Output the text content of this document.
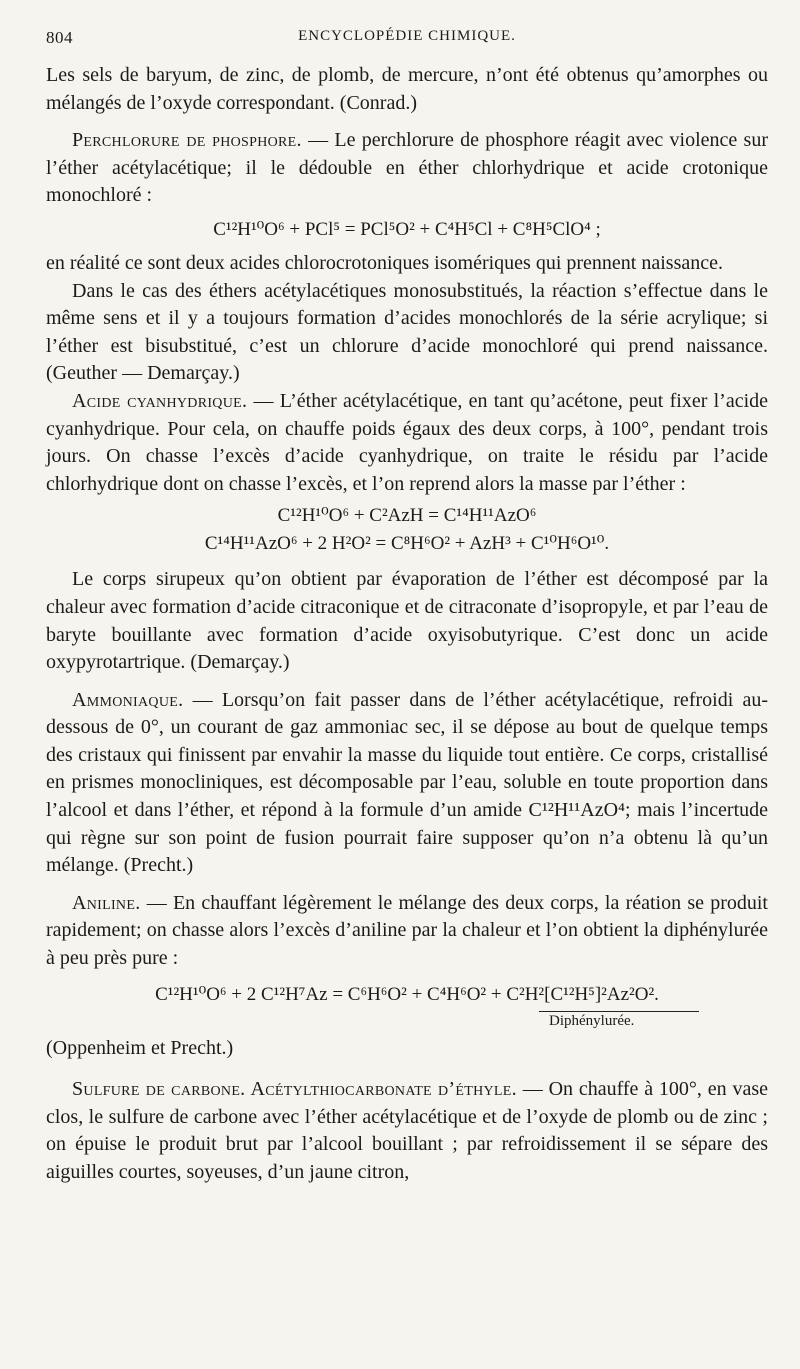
804	ENCYCLOPÉDIE CHIMIQUE.

Les sels de baryum, de zinc, de plomb, de mercure, n’ont été obtenus qu’amorphes ou mélangés de l’oxyde correspondant. (Conrad.)

Perchlorure de phosphore. — Le perchlorure de phosphore réagit avec violence sur l’éther acétylacétique; il le dédouble en éther chlorhydrique et acide crotonique monochloré :

C¹²H¹⁰O⁶ + PCl⁵ = PCl⁵O² + C⁴H⁵Cl + C⁸H⁵ClO⁴ ;

en réalité ce sont deux acides chlorocrotoniques isomériques qui prennent naissance.

Dans le cas des éthers acétylacétiques monosubstitués, la réaction s’effectue dans le même sens et il y a toujours formation d’acides monochlorés de la série acrylique; si l’éther est bisubstitué, c’est un chlorure d’acide monochloré qui prend naissance. (Geuther — Demarçay.)

Acide cyanhydrique. — L’éther acétylacétique, en tant qu’acétone, peut fixer l’acide cyanhydrique. Pour cela, on chauffe poids égaux des deux corps, à 100°, pendant trois jours. On chasse l’excès d’acide cyanhydrique, on traite le résidu par l’acide chlorhydrique dont on chasse l’excès, et l’on reprend alors la masse par l’éther :

C¹²H¹⁰O⁶ + C²AzH = C¹⁴H¹¹AzO⁶
C¹⁴H¹¹AzO⁶ + 2 H²O² = C⁸H⁶O² + AzH³ + C¹⁰H⁶O¹⁰.

Le corps sirupeux qu’on obtient par évaporation de l’éther est décomposé par la chaleur avec formation d’acide citraconique et de citraconate d’isopropyle, et par l’eau de baryte bouillante avec formation d’acide oxyisobutyrique. C’est donc un acide oxypyrotartrique. (Demarçay.)

Ammoniaque. — Lorsqu’on fait passer dans de l’éther acétylacétique, refroidi au-dessous de 0°, un courant de gaz ammoniac sec, il se dépose au bout de quelque temps des cristaux qui finissent par envahir la masse du liquide tout entière. Ce corps, cristallisé en prismes monocliniques, est décomposable par l’eau, soluble en toute proportion dans l’alcool et dans l’éther, et répond à la formule d’un amide C¹²H¹¹AzO⁴; mais l’incertude qui règne sur son point de fusion pourrait faire supposer qu’on n’a obtenu là qu’un mélange. (Precht.)

Aniline. — En chauffant légèrement le mélange des deux corps, la réation se produit rapidement; on chasse alors l’excès d’aniline par la chaleur et l’on obtient la diphénylurée à peu près pure :

C¹²H¹⁰O⁶ + 2 C¹²H⁷Az = C⁶H⁶O² + C⁴H⁶O² + C²H²[C¹²H⁵]²Az²O².
Diphénylurée.

(Oppenheim et Precht.)

Sulfure de carbone. Acétylthiocarbonate d’éthyle. — On chauffe à 100°, en vase clos, le sulfure de carbone avec l’éther acétylacétique et de l’oxyde de plomb ou de zinc ; on épuise le produit brut par l’alcool bouillant ; par refroidissement il se sépare des aiguilles courtes, soyeuses, d’un jaune citron,
